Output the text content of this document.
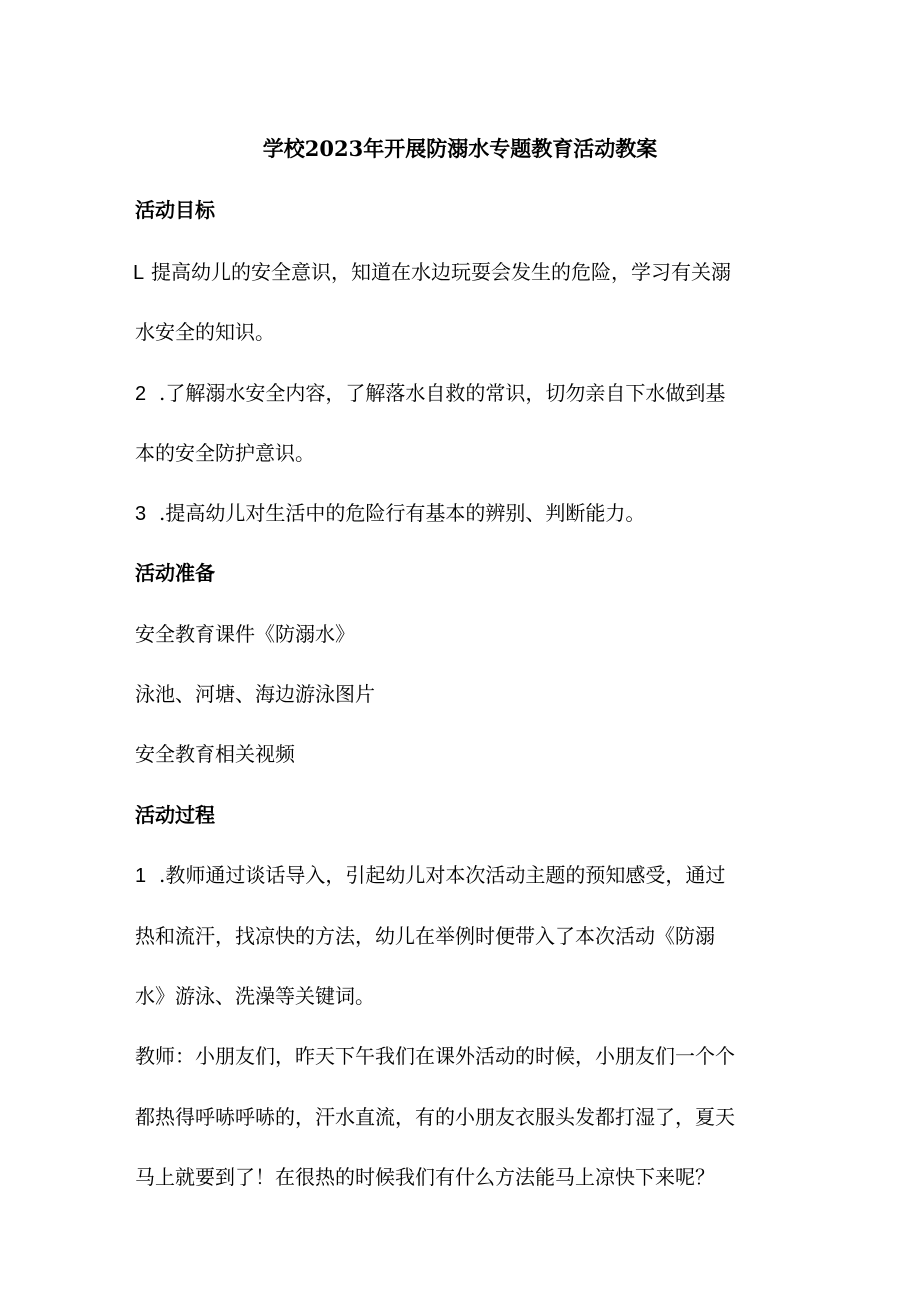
学校2023年开展防溺水专题教育活动教案
活动目标
L 提高幼儿的安全意识，知道在水边玩耍会发生的危险，学习有关溺
水安全的知识。
2 .了解溺水安全内容，了解落水自救的常识，切勿亲自下水做到基
本的安全防护意识。
3 .提高幼儿对生活中的危险行有基本的辨别、判断能力。
活动准备
安全教育课件《防溺水》
泳池、河塘、海边游泳图片
安全教育相关视频
活动过程
1 .教师通过谈话导入，引起幼儿对本次活动主题的预知感受，通过
热和流汗，找凉快的方法，幼儿在举例时便带入了本次活动《防溺
水》游泳、洗澡等关键词。
教师：小朋友们，昨天下午我们在课外活动的时候，小朋友们一个个
都热得呼哧呼哧的，汗水直流，有的小朋友衣服头发都打湿了，夏天
马上就要到了！在很热的时候我们有什么方法能马上凉快下来呢？
